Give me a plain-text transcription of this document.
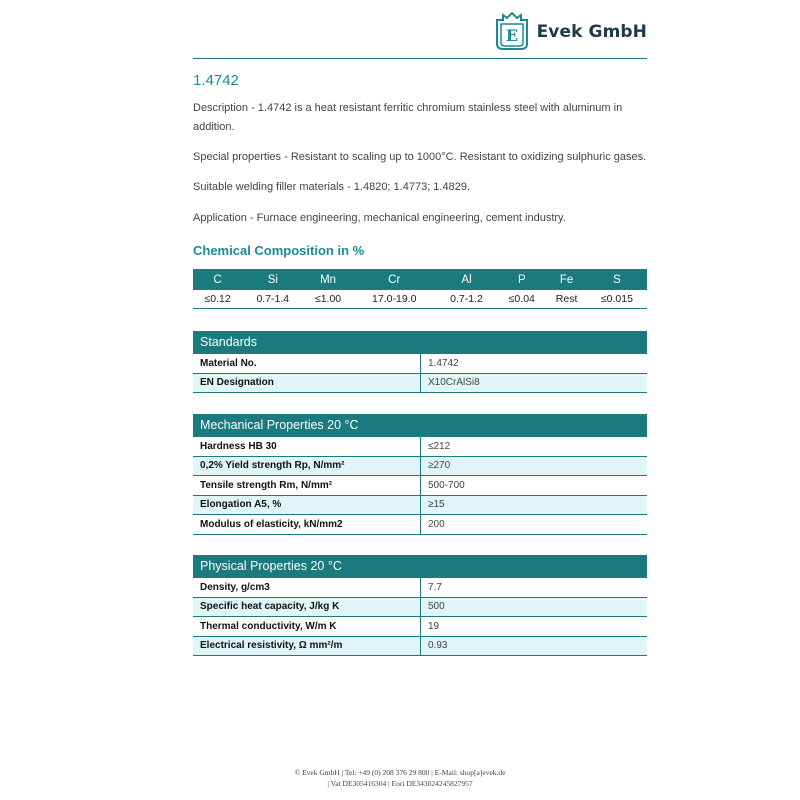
E Evek GmbH
1.4742
Description - 1.4742 is a heat resistant ferritic chromium stainless steel with aluminum in addition.
Special properties - Resistant to scaling up to 1000°C. Resistant to oxidizing sulphuric gases.
Suitable welding filler materials - 1.4820; 1.4773; 1.4829.
Application - Furnace engineering, mechanical engineering, cement industry.
Chemical Composition in %
C	Si	Mn	Cr	Al	P	Fe	S
≤0.12	0.7-1.4	≤1.00	17.0-19.0	0.7-1.2	≤0.04	Rest	≤0.015
Standards	
Material No.	1.4742
EN Designation	X10CrAlSi8
Mechanical Properties 20 °C	
Hardness HB 30	≤212
0,2% Yield strength Rp, N/mm²	≥270
Tensile strength Rm, N/mm²	500-700
Elongation A5, %	≥15
Modulus of elasticity, kN/mm2	200
Physical Properties 20 °C	
Density, g/cm3	7.7
Specific heat capacity, J/kg K	500
Thermal conductivity, W/m K	19
Electrical resistivity, Ω mm²/m	0.93
© Evek GmbH | Tel: +49 (0) 208 376 29 800 | E-Mail: shop[a]evek.de
| Vat DE305416304 | Eori DE343024245827957
